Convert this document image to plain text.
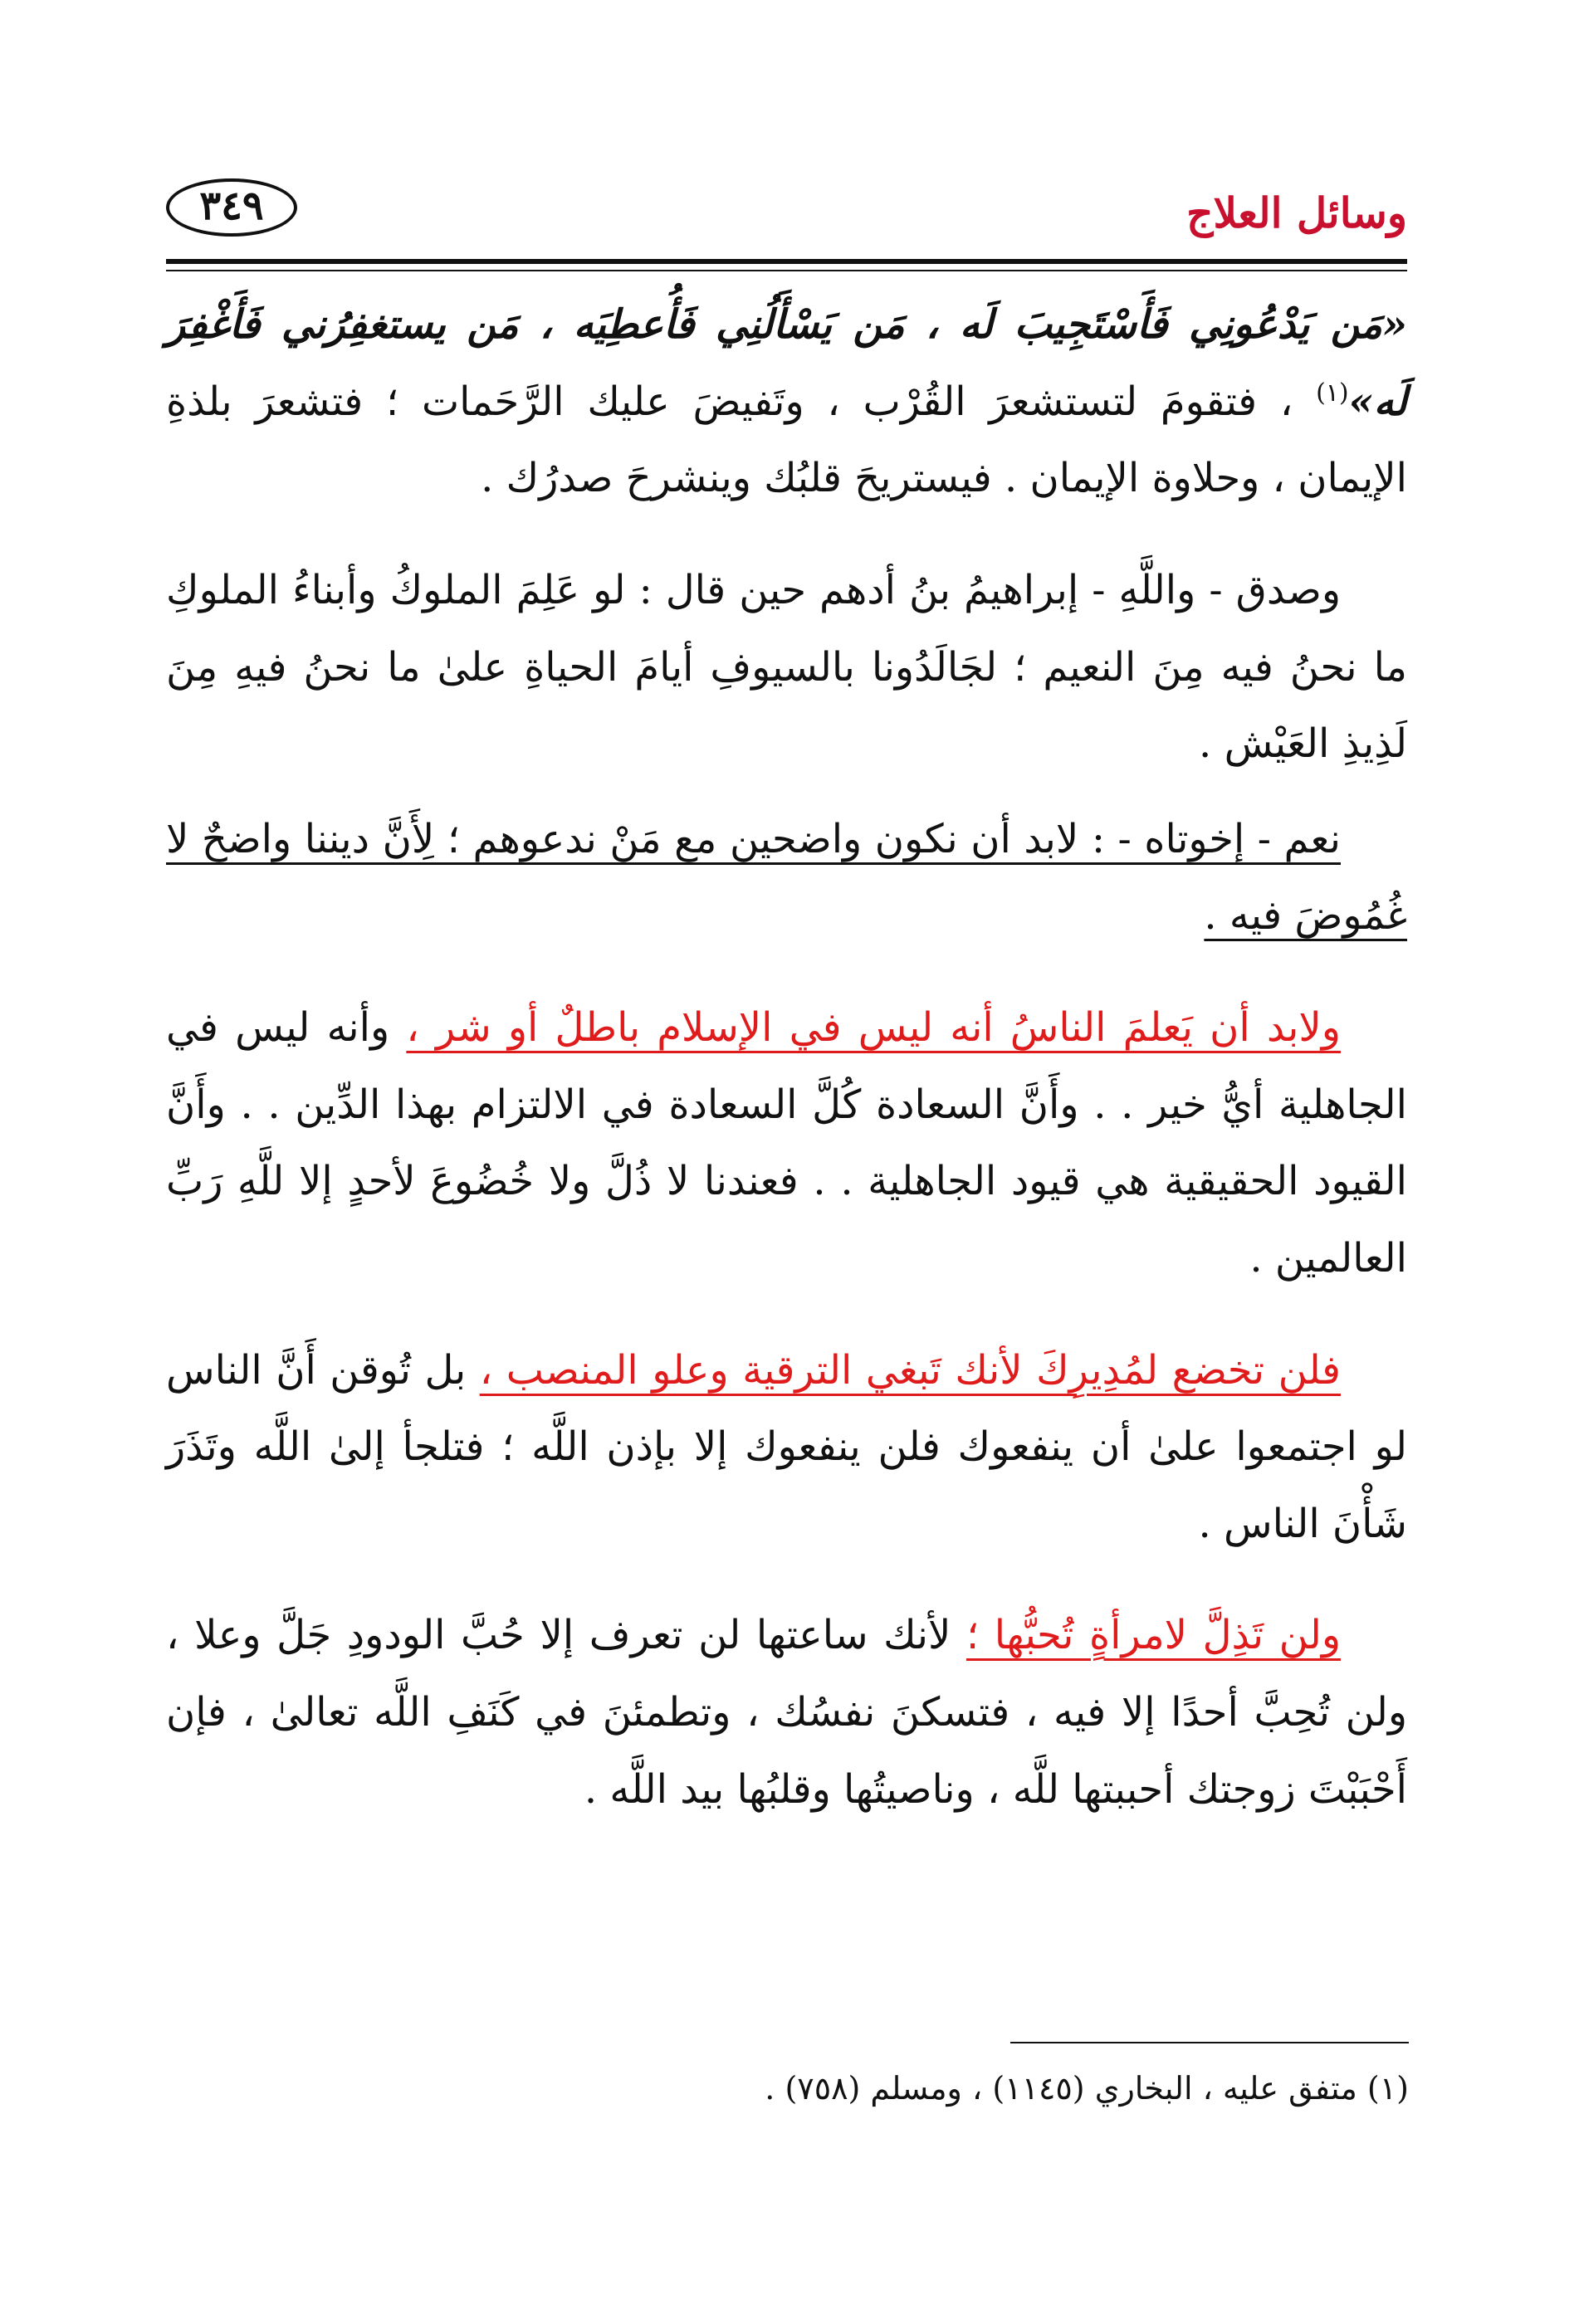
٣٤٩	وسائل العلاج

«مَن يَدْعُونِي فَأَسْتَجِيبَ لَه ، مَن يَسْأَلُنِي فَأُعطِيَه ، مَن يستغفِرُني فَأَغْفِرَ لَه»$^{(١)}$ ، فتقومَ لتستشعرَ القُرْب ، وتَفيضَ عليك الرَّحَمات ؛ فتشعرَ بلذةِ الإيمان ، وحلاوة الإيمان . فيستريحَ قلبُك وينشرحَ صدرُك .

وصدق - واللَّهِ - إبراهيمُ بنُ أدهم حين قال : لو عَلِمَ الملوكُ وأبناءُ الملوكِ ما نحنُ فيه مِنَ النعيم ؛ لجَالَدُونا بالسيوفِ أيامَ الحياةِ علىٰ ما نحنُ فيهِ مِنَ لَذِيذِ العَيْش .

نعم - إخوتاه - : لابد أن نكون واضحين مع مَنْ ندعوهم ؛ لِأَنَّ ديننا واضحٌ لا غُمُوضَ فيه .

ولابد أن يَعلمَ الناسُ أنه ليس في الإسلام باطلٌ أو شر ، وأنه ليس في الجاهلية أيُّ خير . . وأَنَّ السعادة كُلَّ السعادة في الالتزام بهذا الدِّين . . وأَنَّ القيود الحقيقية هي قيود الجاهلية . . فعندنا لا ذُلَّ ولا خُضُوعَ لأحدٍ إلا للَّهِ رَبِّ العالمين .

فلن تخضع لمُدِيرِكَ لأنك تَبغي الترقية وعلو المنصب ، بل تُوقن أَنَّ الناس لو اجتمعوا علىٰ أن ينفعوك فلن ينفعوك إلا بإذن اللَّه ؛ فتلجأ إلىٰ اللَّه وتَذَرَ شَأْنَ الناس .

ولن تَذِلَّ لامرأةٍ تُحبُّها ؛ لأنك ساعتها لن تعرف إلا حُبَّ الودودِ جَلَّ وعلا ، ولن تُحِبَّ أحدًا إلا فيه ، فتسكنَ نفسُك ، وتطمئنَ في كَنَفِ اللَّه تعالىٰ ، فإن أَحْبَبْتَ زوجتك أحببتها للَّه ، وناصيتُها وقلبُها بيد اللَّه .

(١) متفق عليه ، البخاري (١١٤٥) ، ومسلم (٧٥٨) .
